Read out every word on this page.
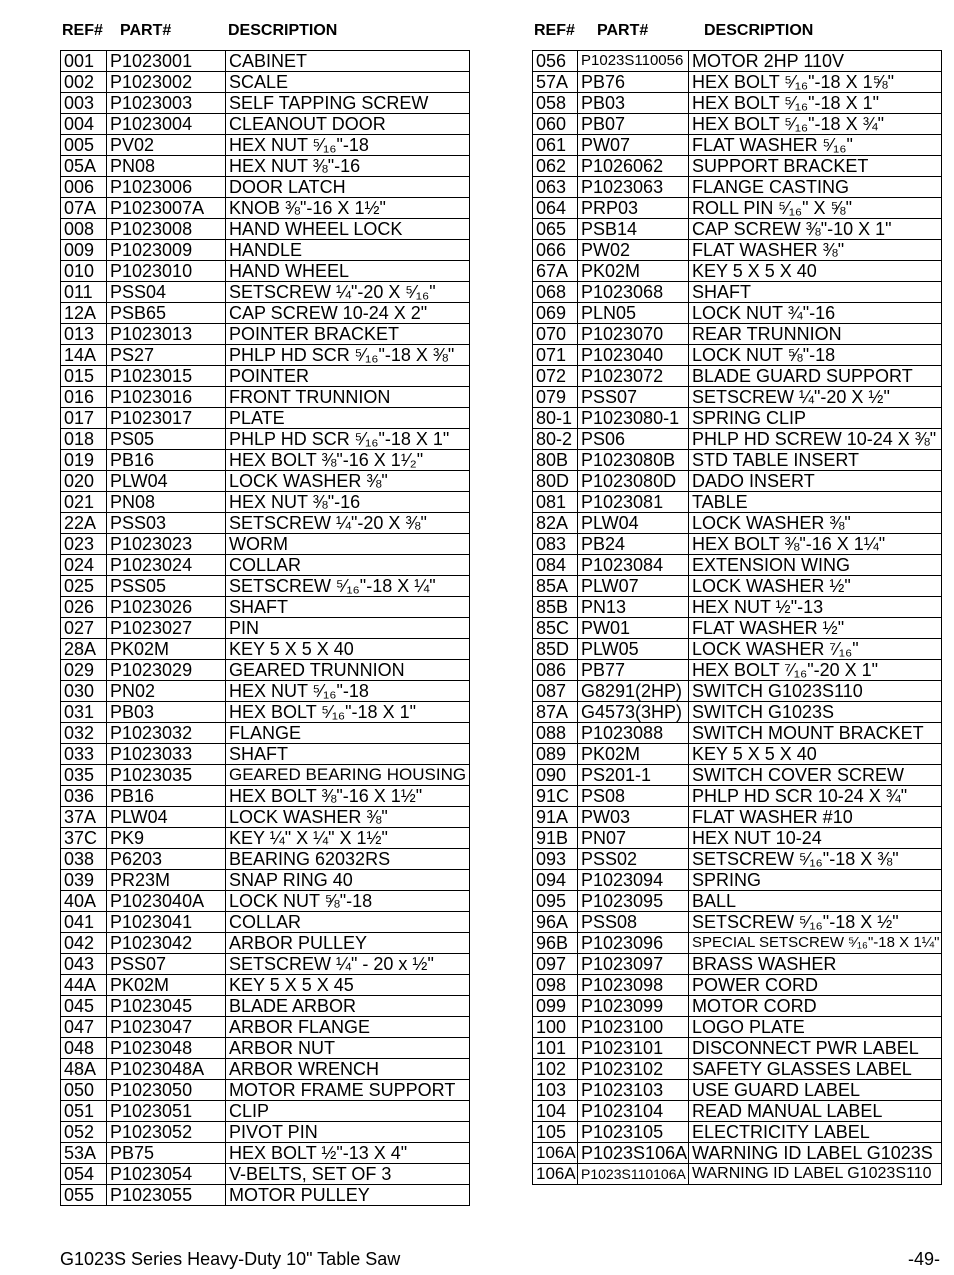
REF# PART#	DESCRIPTION
001	P1023001	CABINET
002	P1023002	SCALE
003	P1023003	SELF TAPPING SCREW
004	P1023004	CLEANOUT DOOR
005	PV02	HEX NUT ⁵⁄₁₆"-18
05A	PN08	HEX NUT ⅜"-16
006	P1023006	DOOR LATCH
07A	P1023007A	KNOB ⅜"-16 X 1½"
008	P1023008	HAND WHEEL LOCK
009	P1023009	HANDLE
010	P1023010	HAND WHEEL
011	PSS04	SETSCREW ¼"-20 X ⁵⁄₁₆"
12A	PSB65	CAP SCREW 10-24 X 2"
013	P1023013	POINTER BRACKET
14A	PS27	PHLP HD SCR ⁵⁄₁₆"-18 X ⅜"
015	P1023015	POINTER
016	P1023016	FRONT TRUNNION
017	P1023017	PLATE
018	PS05	PHLP HD SCR ⁵⁄₁₆"-18 X 1"
019	PB16	HEX BOLT ⅜"-16 X 1¹⁄₂"
020	PLW04	LOCK WASHER ⅜"
021	PN08	HEX NUT ⅜"-16
22A	PSS03	SETSCREW ¼"-20 X ⅜"
023	P1023023	WORM
024	P1023024	COLLAR
025	PSS05	SETSCREW ⁵⁄₁₆"-18 X ¼"
026	P1023026	SHAFT
027	P1023027	PIN
28A	PK02M	KEY 5 X 5 X 40
029	P1023029	GEARED TRUNNION
030	PN02	HEX NUT ⁵⁄₁₆"-18
031	PB03	HEX BOLT ⁵⁄₁₆"-18 X 1"
032	P1023032	FLANGE
033	P1023033	SHAFT
035	P1023035	GEARED BEARING HOUSING
036	PB16	HEX BOLT ⅜"-16 X 1½"
37A	PLW04	LOCK WASHER ⅜"
37C	PK9	KEY ¼" X ¼" X 1½"
038	P6203	BEARING 62032RS
039	PR23M	SNAP RING 40
40A	P1023040A	LOCK NUT ⅝"-18
041	P1023041	COLLAR
042	P1023042	ARBOR PULLEY
043	PSS07	SETSCREW ¼" - 20 x ½"
44A	PK02M	KEY 5 X 5 X 45
045	P1023045	BLADE ARBOR
047	P1023047	ARBOR FLANGE
048	P1023048	ARBOR NUT
48A	P1023048A	ARBOR WRENCH
050	P1023050	MOTOR FRAME SUPPORT
051	P1023051	CLIP
052	P1023052	PIVOT PIN
53A	PB75	HEX BOLT ½"-13 X 4"
054	P1023054	V-BELTS, SET OF 3
055	P1023055	MOTOR PULLEY
REF# PART#	DESCRIPTION
056	P1023S110056	MOTOR 2HP 110V
57A	PB76	HEX BOLT ⁵⁄₁₆"-18 X 1⅝"
058	PB03	HEX BOLT ⁵⁄₁₆"-18 X 1"
060	PB07	HEX BOLT ⁵⁄₁₆"-18 X ¾"
061	PW07	FLAT WASHER ⁵⁄₁₆"
062	P1026062	SUPPORT BRACKET
063	P1023063	FLANGE CASTING
064	PRP03	ROLL PIN ⁵⁄₁₆" X ⅝"
065	PSB14	CAP SCREW ⅜"-10 X 1"
066	PW02	FLAT WASHER ⅜"
67A	PK02M	KEY 5 X 5 X 40
068	P1023068	SHAFT
069	PLN05	LOCK NUT ¾"-16
070	P1023070	REAR TRUNNION
071	P1023040	LOCK NUT ⅝"-18
072	P1023072	BLADE GUARD SUPPORT
079	PSS07	SETSCREW ¼"-20 X ½"
80-1	P1023080-1	SPRING CLIP
80-2	PS06	PHLP HD SCREW 10-24 X ⅜"
80B	P1023080B	STD TABLE INSERT
80D	P1023080D	DADO INSERT
081	P1023081	TABLE
82A	PLW04	LOCK WASHER ⅜"
083	PB24	HEX BOLT ⅜"-16 X 1¼"
084	P1023084	EXTENSION WING
85A	PLW07	LOCK WASHER ½"
85B	PN13	HEX NUT ½"-13
85C	PW01	FLAT WASHER ½"
85D	PLW05	LOCK WASHER ⁷⁄₁₆"
086	PB77	HEX BOLT ⁷⁄₁₆"-20 X 1"
087	G8291(2HP)	SWITCH G1023S110
87A	G4573(3HP)	SWITCH G1023S
088	P1023088	SWITCH MOUNT BRACKET
089	PK02M	KEY 5 X 5 X 40
090	PS201-1	SWITCH COVER SCREW
91C	PS08	PHLP HD SCR 10-24 X ¾"
91A	PW03	FLAT WASHER #10
91B	PN07	HEX NUT 10-24
093	PSS02	SETSCREW ⁵⁄₁₆"-18 X ⅜"
094	P1023094	SPRING
095	P1023095	BALL
96A	PSS08	SETSCREW ⁵⁄₁₆"-18 X ½"
96B	P1023096	SPECIAL SETSCREW ⁵⁄₁₆"-18 X 1¼"
097	P1023097	BRASS WASHER
098	P1023098	POWER CORD
099	P1023099	MOTOR CORD
100	P1023100	LOGO PLATE
101	P1023101	DISCONNECT PWR LABEL
102	P1023102	SAFETY GLASSES LABEL
103	P1023103	USE GUARD LABEL
104	P1023104	READ MANUAL LABEL
105	P1023105	ELECTRICITY LABEL
106A	P1023S106A	WARNING ID LABEL G1023S
106A	P1023S110106A	WARNING ID LABEL G1023S110
G1023S Series Heavy-Duty 10" Table Saw	-49-
